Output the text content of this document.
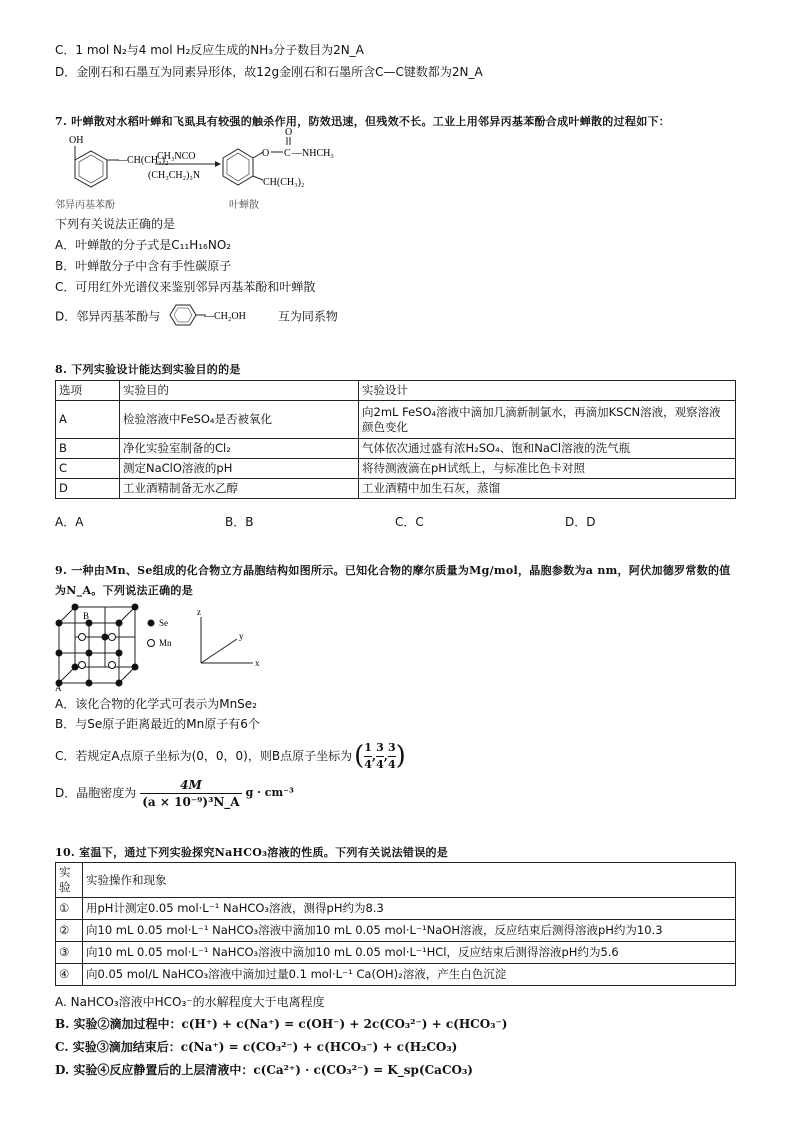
C．1 mol N₂与4 mol H₂反应生成的NH₃分子数目为2N_A
D．金刚石和石墨互为同素异形体，故12g金刚石和石墨所含C—C键数都为2N_A
7. 叶蝉散对水稻叶蝉和飞虱具有较强的触杀作用，防效迅速，但残效不长。工业上用邻异丙基苯酚合成叶蝉散的过程如下：
OH
—CH(CH₃)₂
CH₃NCO
(CH₃CH₂)₃N
O C
O
—NHCH₃
CH(CH₃)₂
邻异丙基苯酚	叶蝉散
下列有关说法正确的是
A．叶蝉散的分子式是C₁₁H₁₆NO₂
B．叶蝉散分子中含有手性碳原子
C．可用红外光谱仪来鉴别邻异丙基苯酚和叶蝉散
D．邻异丙基苯酚与	—CH₂OH	互为同系物
8. 下列实验设计能达到实验目的的是
选项	实验目的	实验设计
A	检验溶液中FeSO₄是否被氧化	向2mL FeSO₄溶液中滴加几滴新制氯水，再滴加KSCN溶液，观察溶液颜色变化
B	净化实验室制备的Cl₂	气体依次通过盛有浓H₂SO₄、饱和NaCl溶液的洗气瓶
C	测定NaClO溶液的pH	将待测液滴在pH试纸上，与标准比色卡对照
D	工业酒精制备无水乙醇	工业酒精中加生石灰，蒸馏
A．A	B．B	C．C	D．D
9. 一种由Mn、Se组成的化合物立方晶胞结构如图所示。已知化合物的摩尔质量为Mg/mol，晶胞参数为a nm，阿伏加德罗常数的值
为N_A。下列说法正确的是
B
A
Se
Mn
z
x
y
A．该化合物的化学式可表示为MnSe₂
B．与Se原子距离最近的Mn原子有6个
C．若规定A点原子坐标为(0，0，0)，则B点原子坐标为 ( $\frac{1}{4}$ , $\frac{3}{4}$ , $\frac{3}{4}$ )
D．晶胞密度为 $\frac{4M}{\text{(a × 10⁻⁹)³N\_A}}$ g · cm⁻³
10. 室温下，通过下列实验探究NaHCO₃溶液的性质。下列有关说法错误的是
实验	实验操作和现象
①	用pH计测定0.05 mol·L⁻¹ NaHCO₃溶液，测得pH约为8.3
②	向10 mL 0.05 mol·L⁻¹ NaHCO₃溶液中滴加10 mL 0.05 mol·L⁻¹NaOH溶液，反应结束后测得溶液pH约为10.3
③	向10 mL 0.05 mol·L⁻¹ NaHCO₃溶液中滴加10 mL 0.05 mol·L⁻¹HCl，反应结束后测得溶液pH约为5.6
④	向0.05 mol/L NaHCO₃溶液中滴加过量0.1 mol·L⁻¹ Ca(OH)₂溶液，产生白色沉淀
A. NaHCO₃溶液中HCO₃⁻的水解程度大于电离程度
B. 实验②滴加过程中：c(H⁺) + c(Na⁺) = c(OH⁻) + 2c(CO₃²⁻) + c(HCO₃⁻)
C. 实验③滴加结束后：c(Na⁺) = c(CO₃²⁻) + c(HCO₃⁻) + c(H₂CO₃)
D. 实验④反应静置后的上层清液中：c(Ca²⁺) · c(CO₃²⁻) = K_sp(CaCO₃)
